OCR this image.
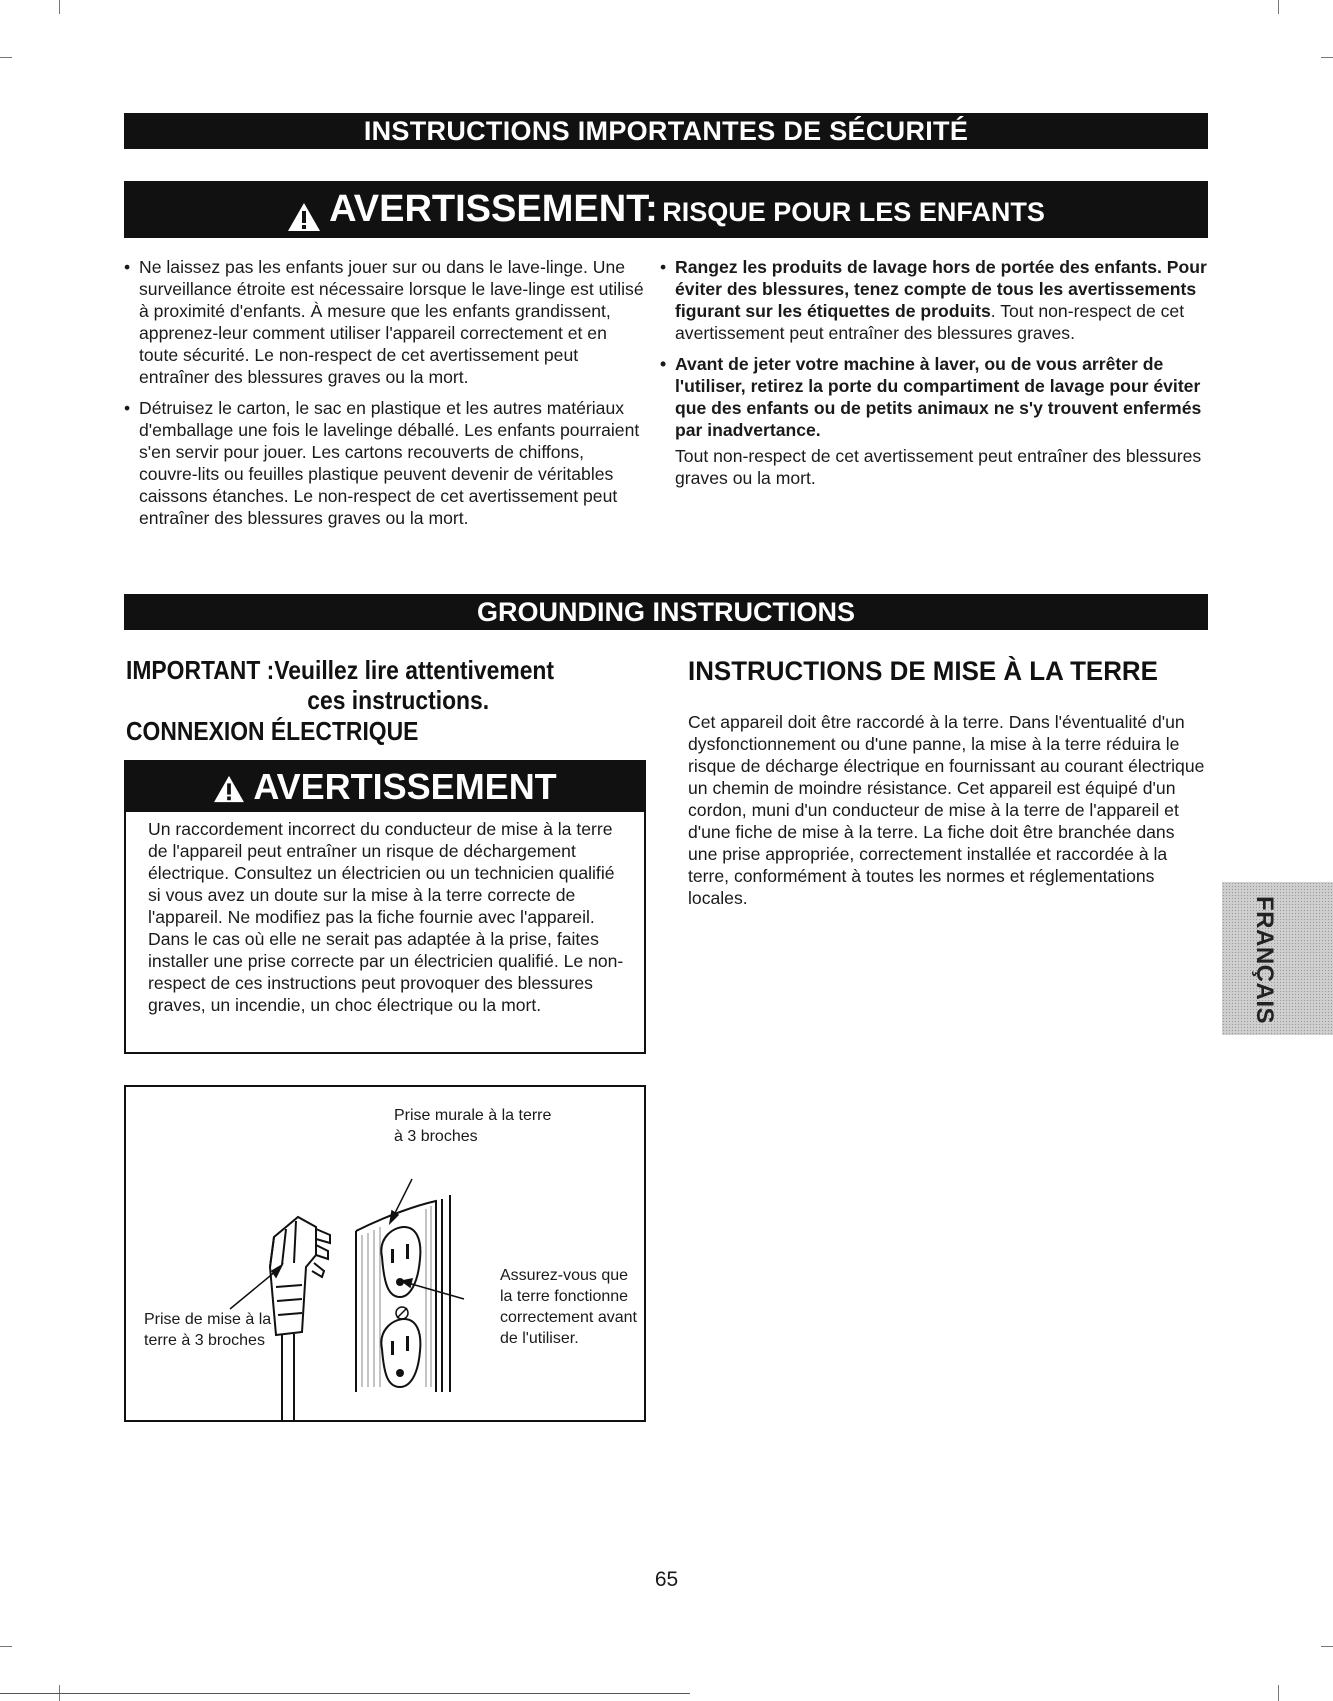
INSTRUCTIONS IMPORTANTES DE SÉCURITÉ
AVERTISSEMENT: RISQUE POUR LES ENFANTS

• Ne laissez pas les enfants jouer sur ou dans le lave-linge. Une surveillance étroite est nécessaire lorsque le lave-linge est utilisé à proximité d'enfants. À mesure que les enfants grandissent, apprenez-leur comment utiliser l'appareil correctement et en toute sécurité. Le non-respect de cet avertissement peut entraîner des blessures graves ou la mort.

• Détruisez le carton, le sac en plastique et les autres matériaux d'emballage une fois le lavelinge déballé. Les enfants pourraient s'en servir pour jouer. Les cartons recouverts de chiffons, couvre-lits ou feuilles plastique peuvent devenir de véritables caissons étanches. Le non-respect de cet avertissement peut entraîner des blessures graves ou la mort.

• Rangez les produits de lavage hors de portée des enfants. Pour éviter des blessures, tenez compte de tous les avertissements figurant sur les étiquettes de produits. Tout non-respect de cet avertissement peut entraîner des blessures graves.

• Avant de jeter votre machine à laver, ou de vous arrêter de l'utiliser, retirez la porte du compartiment de lavage pour éviter que des enfants ou de petits animaux ne s'y trouvent enfermés par inadvertance.

Tout non-respect de cet avertissement peut entraîner des blessures graves ou la mort.

GROUNDING INSTRUCTIONS
IMPORTANT :Veuillez lire attentivement
ces instructions.
CONNEXION ÉLECTRIQUE
AVERTISSEMENT
Un raccordement incorrect du conducteur de mise à la terre de l'appareil peut entraîner un risque de déchargement électrique. Consultez un électricien ou un technicien qualifié si vous avez un doute sur la mise à la terre correcte de l'appareil. Ne modifiez pas la fiche fournie avec l'appareil. Dans le cas où elle ne serait pas adaptée à la prise, faites installer une prise correcte par un électricien qualifié. Le non-respect de ces instructions peut provoquer des blessures graves, un incendie, un choc électrique ou la mort.
INSTRUCTIONS DE MISE À LA TERRE
Cet appareil doit être raccordé à la terre. Dans l'éventualité d'un dysfonctionnement ou d'une panne, la mise à la terre réduira le risque de décharge électrique en fournissant au courant électrique un chemin de moindre résistance. Cet appareil est équipé d'un cordon, muni d'un conducteur de mise à la terre de l'appareil et d'une fiche de mise à la terre. La fiche doit être branchée dans une prise appropriée, correctement installée et raccordée à la terre, conformément à toutes les normes et réglementations locales.
Prise murale à la terre à 3 broches
Prise de mise à la terre à 3 broches
Assurez-vous que la terre fonctionne correctement avant de l'utiliser.
FRANÇAIS
65
